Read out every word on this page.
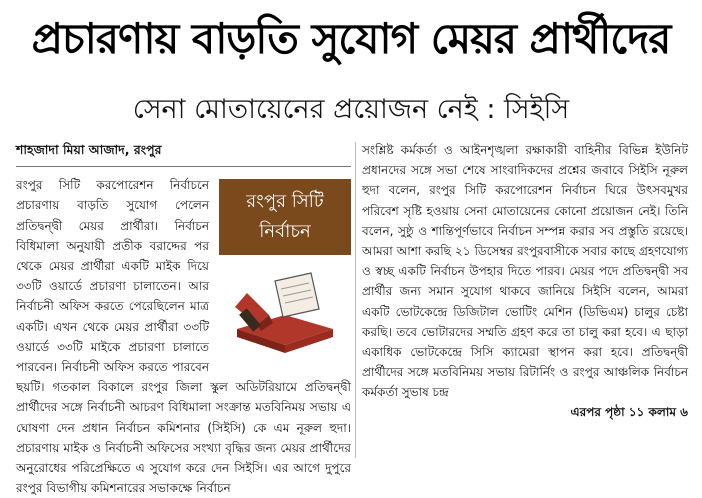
প্রচারণায় বাড়তি সুযোগ মেয়র প্রার্থীদের
সেনা মোতায়েনের প্রয়োজন নেই : সিইসি
শাহজাদা মিয়া আজাদ, রংপুর
রংপুর সিটি
নির্বাচন
রংপুর সিটি করপোরেশন নির্বাচনে প্রচারণায় বাড়তি সুযোগ পেলেন প্রতিদ্বন্দ্বী মেয়র প্রার্থীরা। নির্বাচন বিধিমালা অনুযায়ী প্রতীক বরাদ্দের পর থেকে মেয়র প্রার্থীরা একটি মাইক দিয়ে ৩৩টি ওয়ার্ডে প্রচারণা চালাতেন। আর নির্বাচনী অফিস করতে পেরেছিলেন মাত্র একটি। এখন থেকে মেয়র প্রার্থীরা ৩৩টি ওয়ার্ডে ৩৩টি মাইকে প্রচারণা চালাতে পারবেন। নির্বাচনী অফিস করতে পারবেন ছয়টি। গতকাল বিকালে রংপুর জিলা স্কুল অডিটরিয়ামে প্রতিদ্বন্দ্বী প্রার্থীদের সঙ্গে নির্বাচনী আচরণ বিধিমালা সংক্রান্ত মতবিনিময় সভায় এ ঘোষণা দেন প্রধান নির্বাচন কমিশনার (সিইসি) কে এম নূরুল হুদা। প্রচারণায় মাইক ও নির্বাচনী অফিসের সংখ্যা বৃদ্ধির জন্য মেয়র প্রার্থীদের অনুরোধের পরিপ্রেক্ষিতে এ সুযোগ করে দেন সিইসি। এর আগে দুপুরে রংপুর বিভাগীয় কমিশনারের সভাকক্ষে নির্বাচন
সংশ্লিষ্ট কর্মকর্তা ও আইনশৃঙ্খলা রক্ষাকারী বাহিনীর বিভিন্ন ইউনিট প্রধানদের সঙ্গে সভা শেষে সাংবাদিকদের প্রশ্নের জবাবে সিইসি নূরুল হুদা বলেন, রংপুর সিটি করপোরেশন নির্বাচন ঘিরে উৎসবমুখর পরিবেশ সৃষ্টি হওয়ায় সেনা মোতায়েনের কোনো প্রয়োজন নেই। তিনি বলেন, সুষ্ঠু ও শান্তিপূর্ণভাবে নির্বাচন সম্পন্ন করার সব প্রস্তুতি রয়েছে। আমরা আশা করছি ২১ ডিসেম্বর রংপুরবাসীকে সবার কাছে গ্রহণযোগ্য ও স্বচ্ছ একটি নির্বাচন উপহার দিতে পারব। মেয়র পদে প্রতিদ্বন্দ্বী সব প্রার্থীর জন্য সমান সুযোগ থাকবে জানিয়ে সিইসি বলেন, আমরা একটি ভোটকেন্দ্রে ডিজিটাল ভোটিং মেশিন (ডিভিএম) চালুর চেষ্টা করছি। তবে ভোটারদের সম্মতি গ্রহণ করে তা চালু করা হবে। এ ছাড়া একাধিক ভোটকেন্দ্রে সিসি ক্যামেরা স্থাপন করা হবে। প্রতিদ্বন্দ্বী প্রার্থীদের সঙ্গে মতবিনিময় সভায় রিটার্নিং ও রংপুর আঞ্চলিক নির্বাচন কর্মকর্তা সুভাষ চন্দ্র
এরপর পৃষ্ঠা ১১ কলাম ৬
